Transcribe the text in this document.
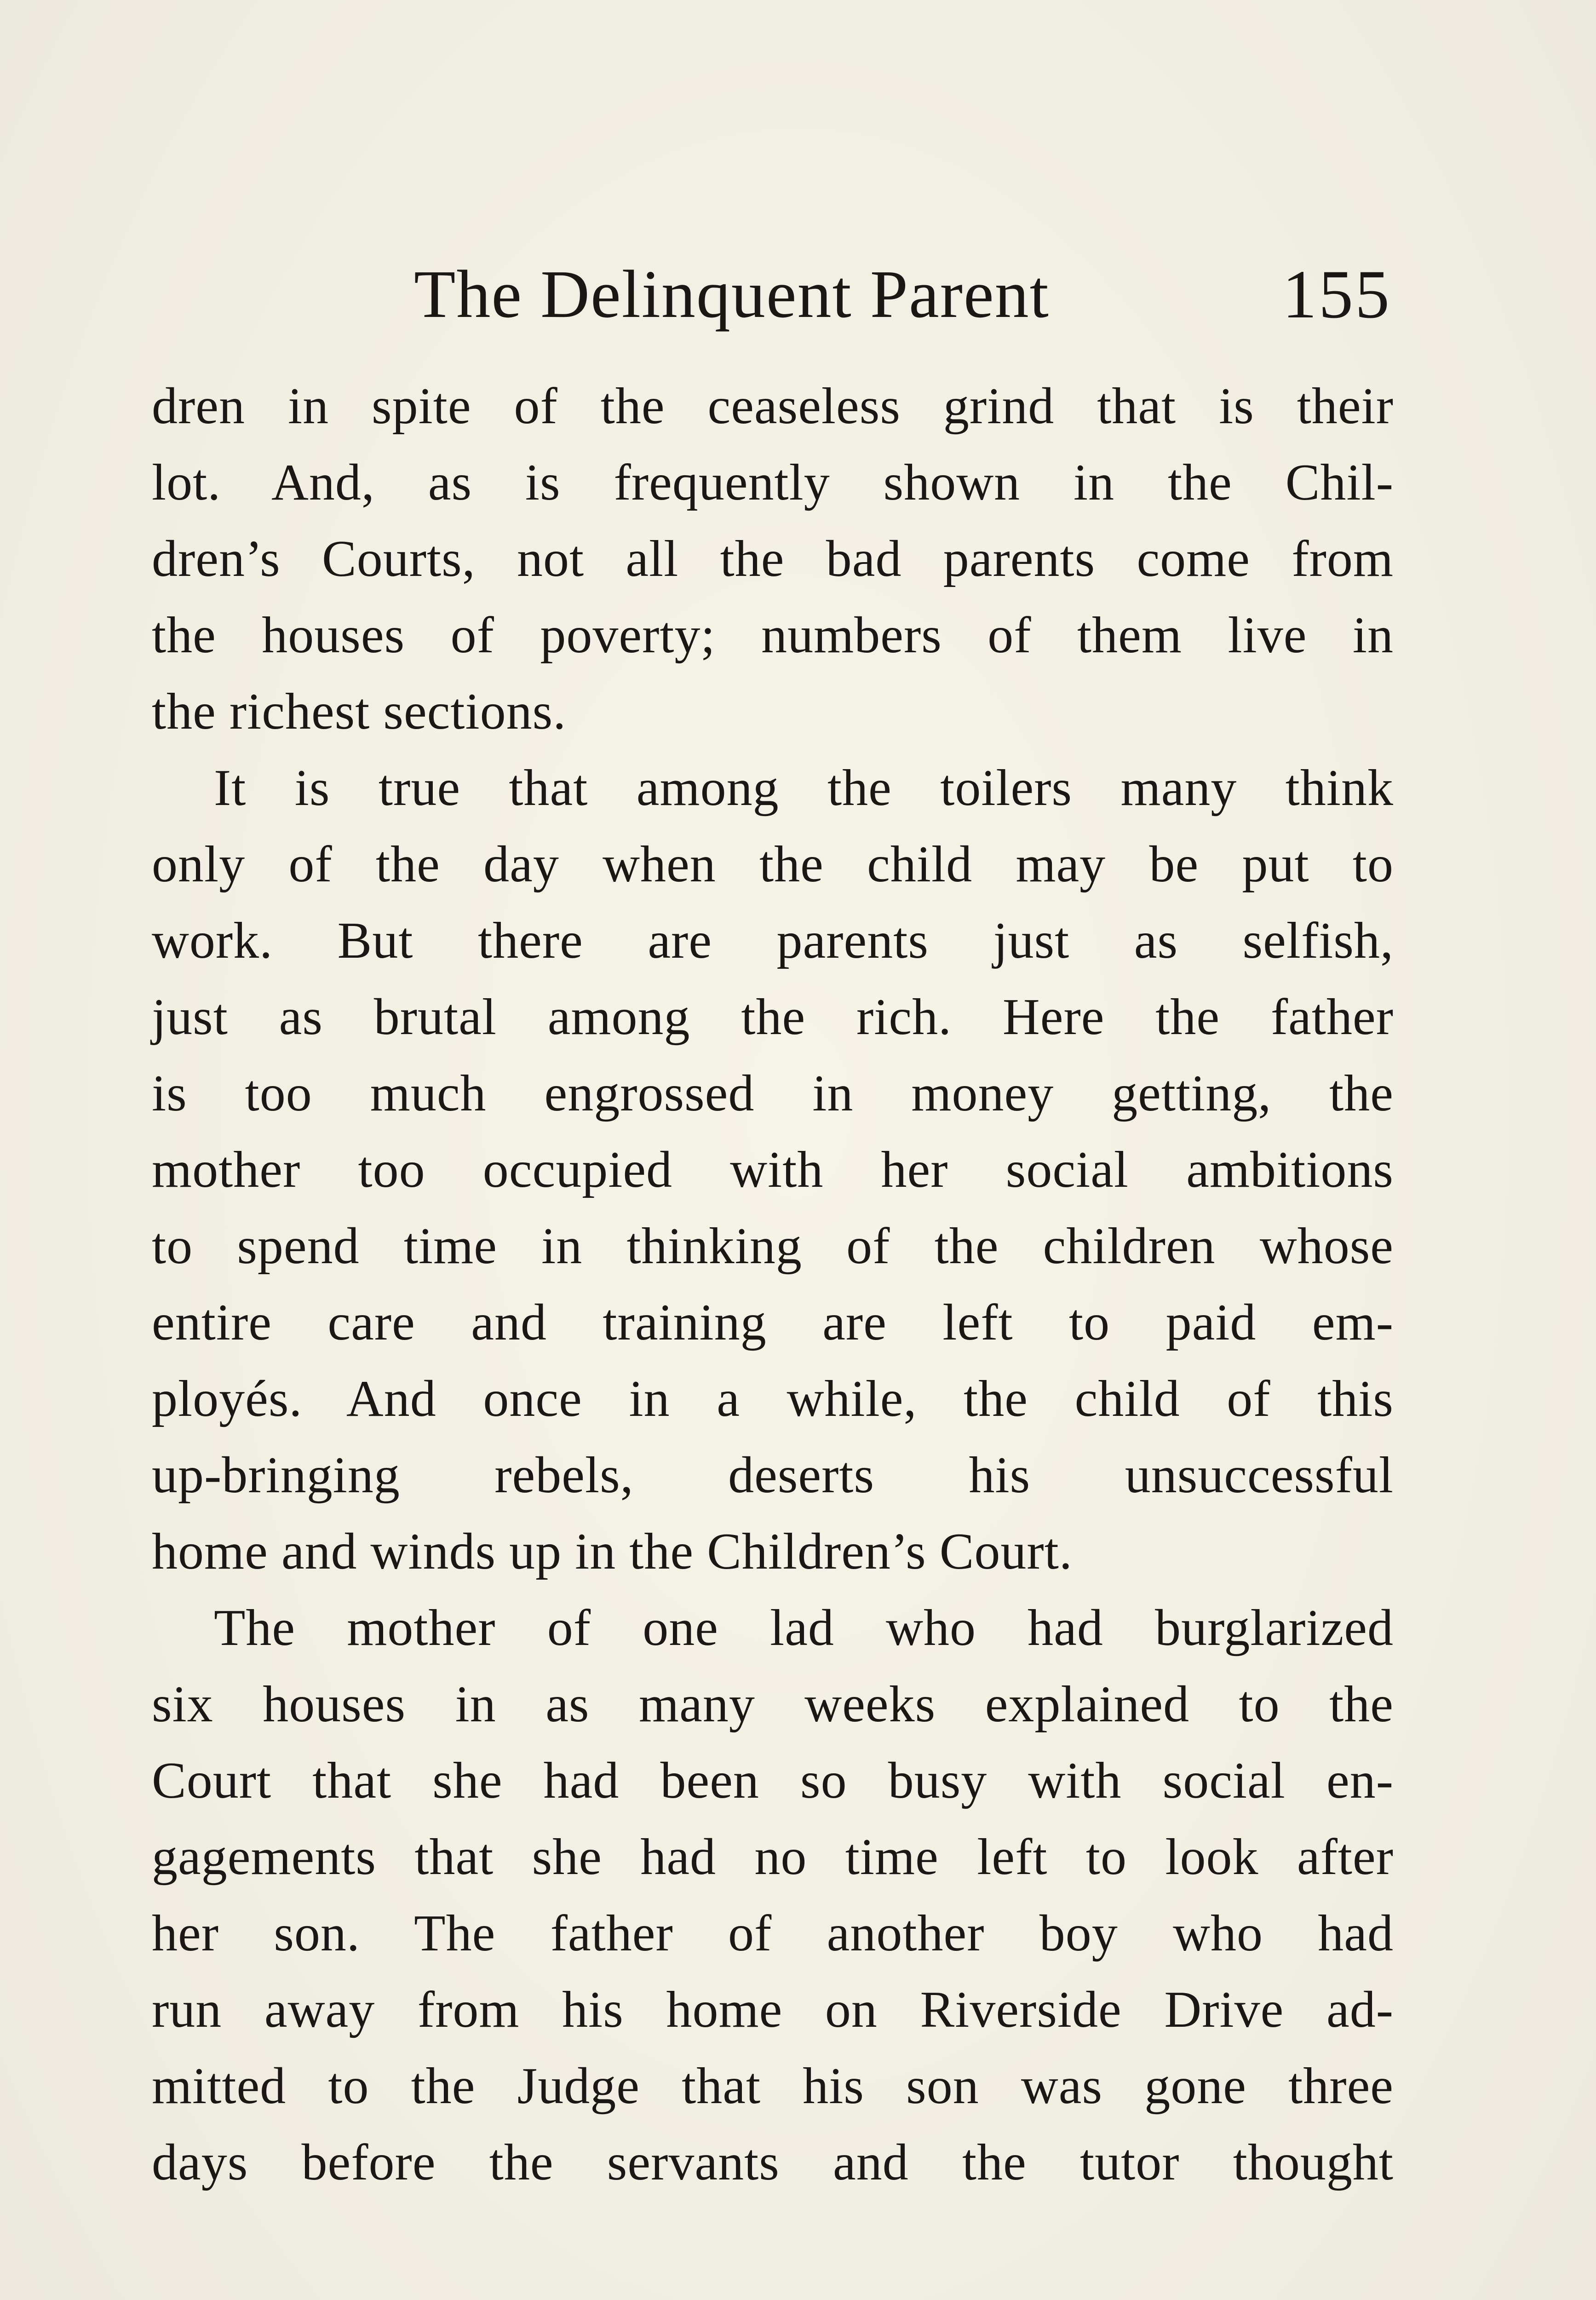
The Delinquent Parent	155
dren in spite of the ceaseless grind that is their
lot. And, as is frequently shown in the Chil-
dren’s Courts, not all the bad parents come from
the houses of poverty; numbers of them live in
the richest sections.
It is true that among the toilers many think
only of the day when the child may be put to
work. But there are parents just as selfish,
just as brutal among the rich. Here the father
is too much engrossed in money getting, the
mother too occupied with her social ambitions
to spend time in thinking of the children whose
entire care and training are left to paid em-
ployés. And once in a while, the child of this
up-bringing rebels, deserts his unsuccessful
home and winds up in the Children’s Court.
The mother of one lad who had burglarized
six houses in as many weeks explained to the
Court that she had been so busy with social en-
gagements that she had no time left to look after
her son. The father of another boy who had
run away from his home on Riverside Drive ad-
mitted to the Judge that his son was gone three
days before the servants and the tutor thought
